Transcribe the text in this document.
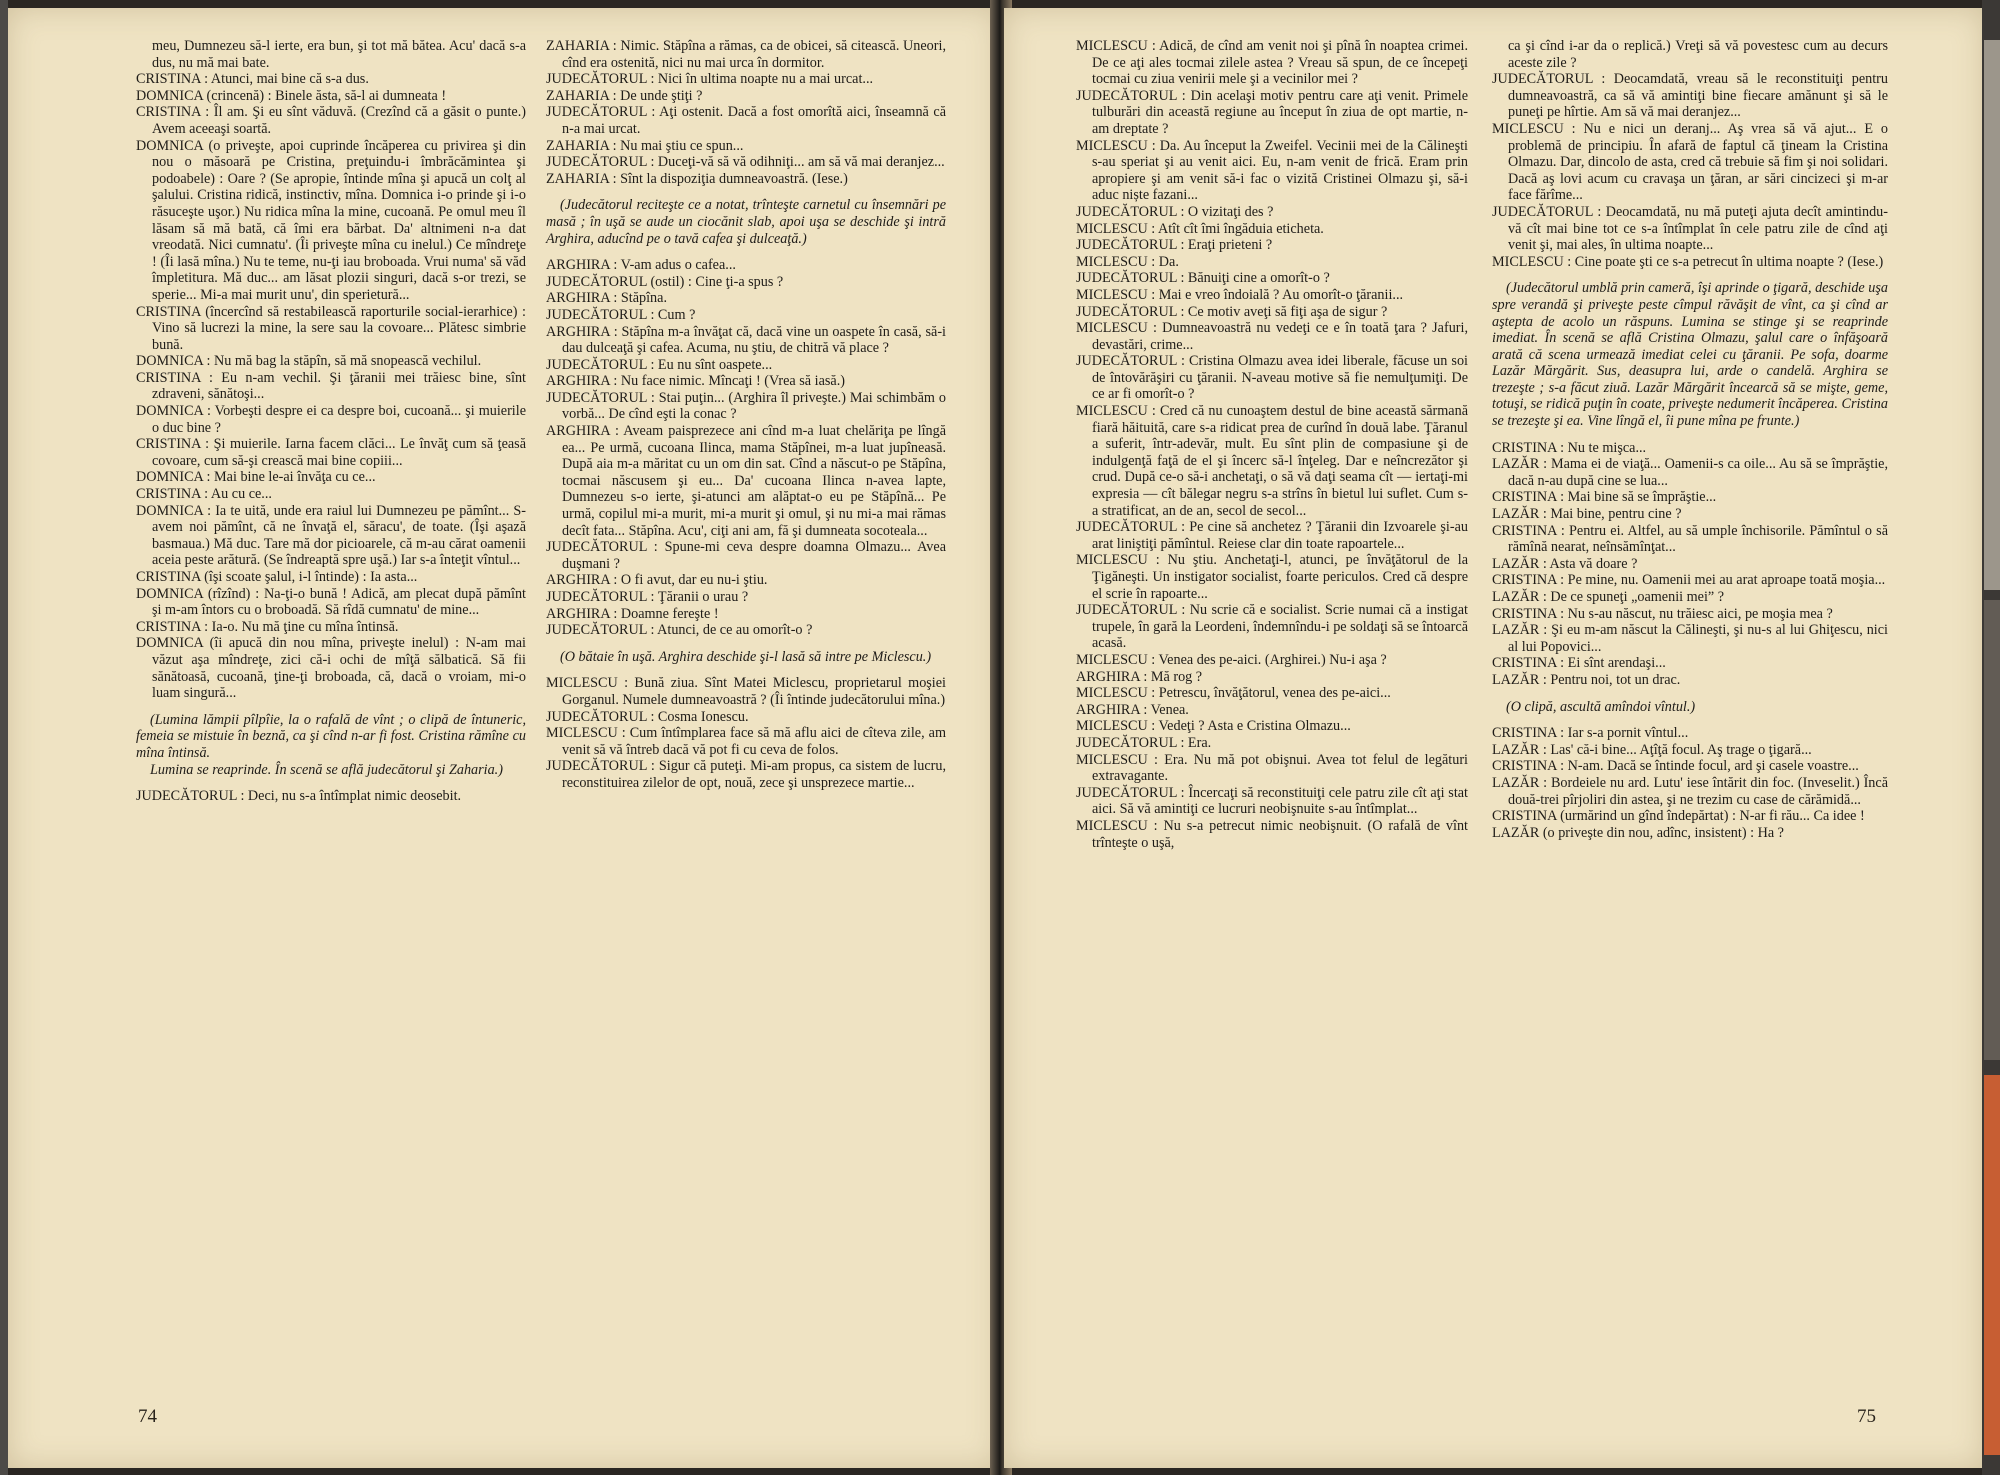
meu, Dumnezeu să-l ierte, era bun, şi tot mă bătea. Acu' dacă s-a dus, nu mă mai bate.
CRISTINA : Atunci, mai bine că s-a dus.
DOMNICA (crincenă) : Binele ăsta, să-l ai dumneata !
CRISTINA : Îl am. Şi eu sînt văduvă. (Crezînd că a găsit o punte.) Avem aceeaşi soartă.
DOMNICA (o priveşte, apoi cuprinde încăperea cu privirea şi din nou o măsoară pe Cristina, preţuindu-i îmbrăcămintea şi podoabele) : Oare ? (Se apropie, întinde mîna şi apucă un colţ al şalului. Cristina ridică, instinctiv, mîna. Domnica i-o prinde şi i-o răsuceşte uşor.) Nu ridica mîna la mine, cucoană. Pe omul meu îl lăsam să mă bată, că îmi era bărbat. Da' altnimeni n-a dat vreodată. Nici cumnatu'. (Îi priveşte mîna cu inelul.) Ce mîndreţe ! (Îi lasă mîna.) Nu te teme, nu-ţi iau broboada. Vrui numa' să văd împletitura. Mă duc... am lăsat plozii singuri, dacă s-or trezi, se sperie... Mi-a mai murit unu', din sperietură...
CRISTINA (încercînd să restabilească raporturile social-ierarhice) : Vino să lucrezi la mine, la sere sau la covoare... Plătesc simbrie bună.
DOMNICA : Nu mă bag la stăpîn, să mă snopească vechilul.
CRISTINA : Eu n-am vechil. Şi ţăranii mei trăiesc bine, sînt zdraveni, sănătoşi...
DOMNICA : Vorbeşti despre ei ca despre boi, cucoană... şi muierile o duc bine ?
CRISTINA : Şi muierile. Iarna facem clăci... Le învăţ cum să ţeasă covoare, cum să-şi crească mai bine copiii...
DOMNICA : Mai bine le-ai învăţa cu ce...
CRISTINA : Au cu ce...
DOMNICA : Ia te uită, unde era raiul lui Dumnezeu pe pămînt... S-avem noi pămînt, că ne învaţă el, săracu', de toate. (Îşi aşază basmaua.) Mă duc. Tare mă dor picioarele, că m-au cărat oamenii aceia peste arătură. (Se îndreaptă spre uşă.) Iar s-a înteţit vîntul...
CRISTINA (îşi scoate şalul, i-l întinde) : Ia asta...
DOMNICA (rîzînd) : Na-ţi-o bună ! Adică, am plecat după pămînt şi m-am întors cu o broboadă. Să rîdă cumnatu' de mine...
CRISTINA : Ia-o. Nu mă ţine cu mîna întinsă.
DOMNICA (îi apucă din nou mîna, priveşte inelul) : N-am mai văzut aşa mîndreţe, zici că-i ochi de mîţă sălbatică. Să fii sănătoasă, cucoană, ţine-ţi broboada, că, dacă o vroiam, mi-o luam singură...
(Lumina lămpii pîlpîie, la o rafală de vînt ; o clipă de întuneric, femeia se mistuie în beznă, ca şi cînd n-ar fi fost. Cristina rămîne cu mîna întinsă.
Lumina se reaprinde. În scenă se află judecătorul şi Zaharia.)
JUDECĂTORUL : Deci, nu s-a întîmplat nimic deosebit.
ZAHARIA : Nimic. Stăpîna a rămas, ca de obicei, să citească. Uneori, cînd era ostenită, nici nu mai urca în dormitor.
JUDECĂTORUL : Nici în ultima noapte nu a mai urcat...
ZAHARIA : De unde ştiţi ?
JUDECĂTORUL : Aţi ostenit. Dacă a fost omorîtă aici, înseamnă că n-a mai urcat.
ZAHARIA : Nu mai ştiu ce spun...
JUDECĂTORUL : Duceţi-vă să vă odihniţi... am să vă mai deranjez...
ZAHARIA : Sînt la dispoziţia dumneavoastră. (Iese.)
(Judecătorul reciteşte ce a notat, trînteşte carnetul cu însemnări pe masă ; în uşă se aude un ciocănit slab, apoi uşa se deschide şi intră Arghira, aducînd pe o tavă cafea şi dulceaţă.)
ARGHIRA : V-am adus o cafea...
JUDECĂTORUL (ostil) : Cine ţi-a spus ?
ARGHIRA : Stăpîna.
JUDECĂTORUL : Cum ?
ARGHIRA : Stăpîna m-a învăţat că, dacă vine un oaspete în casă, să-i dau dulceaţă şi cafea. Acuma, nu ştiu, de chitră vă place ?
JUDECĂTORUL : Eu nu sînt oaspete...
ARGHIRA : Nu face nimic. Mîncaţi ! (Vrea să iasă.)
JUDECĂTORUL : Stai puţin... (Arghira îl priveşte.) Mai schimbăm o vorbă... De cînd eşti la conac ?
ARGHIRA : Aveam paisprezece ani cînd m-a luat chelăriţa pe lîngă ea... Pe urmă, cucoana Ilinca, mama Stăpînei, m-a luat jupîneasă. După aia m-a măritat cu un om din sat. Cînd a născut-o pe Stăpîna, tocmai născusem şi eu... Da' cucoana Ilinca n-avea lapte, Dumnezeu s-o ierte, şi-atunci am alăptat-o eu pe Stăpînă... Pe urmă, copilul mi-a murit, mi-a murit şi omul, şi nu mi-a mai rămas decît fata... Stăpîna. Acu', ciţi ani am, fă şi dumneata socoteala...
JUDECĂTORUL : Spune-mi ceva despre doamna Olmazu... Avea duşmani ?
ARGHIRA : O fi avut, dar eu nu-i ştiu.
JUDECĂTORUL : Ţăranii o urau ?
ARGHIRA : Doamne fereşte !
JUDECĂTORUL : Atunci, de ce au omorît-o ?
(O bătaie în uşă. Arghira deschide şi-l lasă să intre pe Miclescu.)
MICLESCU : Bună ziua. Sînt Matei Miclescu, proprietarul moşiei Gorganul. Numele dumneavoastră ? (Îi întinde judecătorului mîna.)
JUDECĂTORUL : Cosma Ionescu.
MICLESCU : Cum întîmplarea face să mă aflu aici de cîteva zile, am venit să vă întreb dacă vă pot fi cu ceva de folos.
JUDECĂTORUL : Sigur că puteţi. Mi-am propus, ca sistem de lucru, reconstituirea zilelor de opt, nouă, zece şi unsprezece martie...
74
MICLESCU : Adică, de cînd am venit noi şi pînă în noaptea crimei. De ce aţi ales tocmai zilele astea ? Vreau să spun, de ce începeţi tocmai cu ziua venirii mele şi a vecinilor mei ?
JUDECĂTORUL : Din acelaşi motiv pentru care aţi venit. Primele tulburări din această regiune au început în ziua de opt martie, n-am dreptate ?
MICLESCU : Da. Au început la Zweifel. Vecinii mei de la Călineşti s-au speriat şi au venit aici. Eu, n-am venit de frică. Eram prin apropiere şi am venit să-i fac o vizită Cristinei Olmazu şi, să-i aduc niște fazani...
JUDECĂTORUL : O vizitaţi des ?
MICLESCU : Atît cît îmi îngăduia eticheta.
JUDECĂTORUL : Eraţi prieteni ?
MICLESCU : Da.
JUDECĂTORUL : Bănuiţi cine a omorît-o ?
MICLESCU : Mai e vreo îndoială ? Au omorît-o ţăranii...
JUDECĂTORUL : Ce motiv aveţi să fiţi aşa de sigur ?
MICLESCU : Dumneavoastră nu vedeţi ce e în toată ţara ? Jafuri, devastări, crime...
JUDECĂTORUL : Cristina Olmazu avea idei liberale, făcuse un soi de întovărăşiri cu ţăranii. N-aveau motive să fie nemulţumiţi. De ce ar fi omorît-o ?
MICLESCU : Cred că nu cunoaştem destul de bine această sărmană fiară hăituită, care s-a ridicat prea de curînd în două labe. Ţăranul a suferit, într-adevăr, mult. Eu sînt plin de compasiune şi de indulgenţă faţă de el şi încerc să-l înţeleg. Dar e neîncrezător şi crud. După ce-o să-i anchetaţi, o să vă daţi seama cît — iertaţi-mi expresia — cît bălegar negru s-a strîns în bietul lui suflet. Cum s-a stratificat, an de an, secol de secol...
JUDECĂTORUL : Pe cine să anchetez ? Ţăranii din Izvoarele şi-au arat liniştiţi pămîntul. Reiese clar din toate rapoartele...
MICLESCU : Nu ştiu. Anchetaţi-l, atunci, pe învăţătorul de la Ţigăneşti. Un instigator socialist, foarte periculos. Cred că despre el scrie în rapoarte...
JUDECĂTORUL : Nu scrie că e socialist. Scrie numai că a instigat trupele, în gară la Leordeni, îndemnîndu-i pe soldaţi să se întoarcă acasă.
MICLESCU : Venea des pe-aici. (Arghirei.) Nu-i aşa ?
ARGHIRA : Mă rog ?
MICLESCU : Petrescu, învăţătorul, venea des pe-aici...
ARGHIRA : Venea.
MICLESCU : Vedeţi ? Asta e Cristina Olmazu...
JUDECĂTORUL : Era.
MICLESCU : Era. Nu mă pot obişnui. Avea tot felul de legături extravagante.
JUDECĂTORUL : Încercaţi să reconstituiţi cele patru zile cît aţi stat aici. Să vă amintiţi ce lucruri neobişnuite s-au întîmplat...
MICLESCU : Nu s-a petrecut nimic neobişnuit. (O rafală de vînt trînteşte o uşă,
ca şi cînd i-ar da o replică.) Vreţi să vă povestesc cum au decurs aceste zile ?
JUDECĂTORUL : Deocamdată, vreau să le reconstituiţi pentru dumneavoastră, ca să vă amintiţi bine fiecare amănunt şi să le puneţi pe hîrtie. Am să vă mai deranjez...
MICLESCU : Nu e nici un deranj... Aş vrea să vă ajut... E o problemă de principiu. În afară de faptul că ţineam la Cristina Olmazu. Dar, dincolo de asta, cred că trebuie să fim şi noi solidari. Dacă aş lovi acum cu cravaşa un ţăran, ar sări cincizeci şi m-ar face fărîme...
JUDECĂTORUL : Deocamdată, nu mă puteţi ajuta decît amintindu-vă cît mai bine tot ce s-a întîmplat în cele patru zile de cînd aţi venit şi, mai ales, în ultima noapte...
MICLESCU : Cine poate şti ce s-a petrecut în ultima noapte ? (Iese.)
(Judecătorul umblă prin cameră, îşi aprinde o ţigară, deschide uşa spre verandă şi priveşte peste cîmpul răvăşit de vînt, ca şi cînd ar aştepta de acolo un răspuns. Lumina se stinge şi se reaprinde imediat. În scenă se află Cristina Olmazu, şalul care o înfăşoară arată că scena urmează imediat celei cu ţăranii. Pe sofa, doarme Lazăr Mărgărit. Sus, deasupra lui, arde o candelă. Arghira se trezeşte ; s-a făcut ziuă. Lazăr Mărgărit încearcă să se mişte, geme, totuşi, se ridică puţin în coate, priveşte nedumerit încăperea. Cristina se trezeşte şi ea. Vine lîngă el, îi pune mîna pe frunte.)
CRISTINA : Nu te mişca...
LAZĂR : Mama ei de viaţă... Oamenii-s ca oile... Au să se împrăştie, dacă n-au după cine se lua...
CRISTINA : Mai bine să se împrăştie...
LAZĂR : Mai bine, pentru cine ?
CRISTINA : Pentru ei. Altfel, au să umple închisorile. Pămîntul o să rămînă nearat, neînsămînţat...
LAZĂR : Asta vă doare ?
CRISTINA : Pe mine, nu. Oamenii mei au arat aproape toată moşia...
LAZĂR : De ce spuneţi „oamenii mei” ?
CRISTINA : Nu s-au născut, nu trăiesc aici, pe moşia mea ?
LAZĂR : Şi eu m-am născut la Călineşti, şi nu-s al lui Ghiţescu, nici al lui Popovici...
CRISTINA : Ei sînt arendaşi...
LAZĂR : Pentru noi, tot un drac.
(O clipă, ascultă amîndoi vîntul.)
CRISTINA : Iar s-a pornit vîntul...
LAZĂR : Las' că-i bine... Aţîţă focul. Aş trage o ţigară...
CRISTINA : N-am. Dacă se întinde focul, ard şi casele voastre...
LAZĂR : Bordeiele nu ard. Lutu' iese întărit din foc. (Inveselit.) Încă două-trei pîrjoliri din astea, şi ne trezim cu case de cărămidă...
CRISTINA (urmărind un gînd îndepărtat) : N-ar fi rău... Ca idee !
LAZĂR (o priveşte din nou, adînc, insistent) : Ha ?
75
